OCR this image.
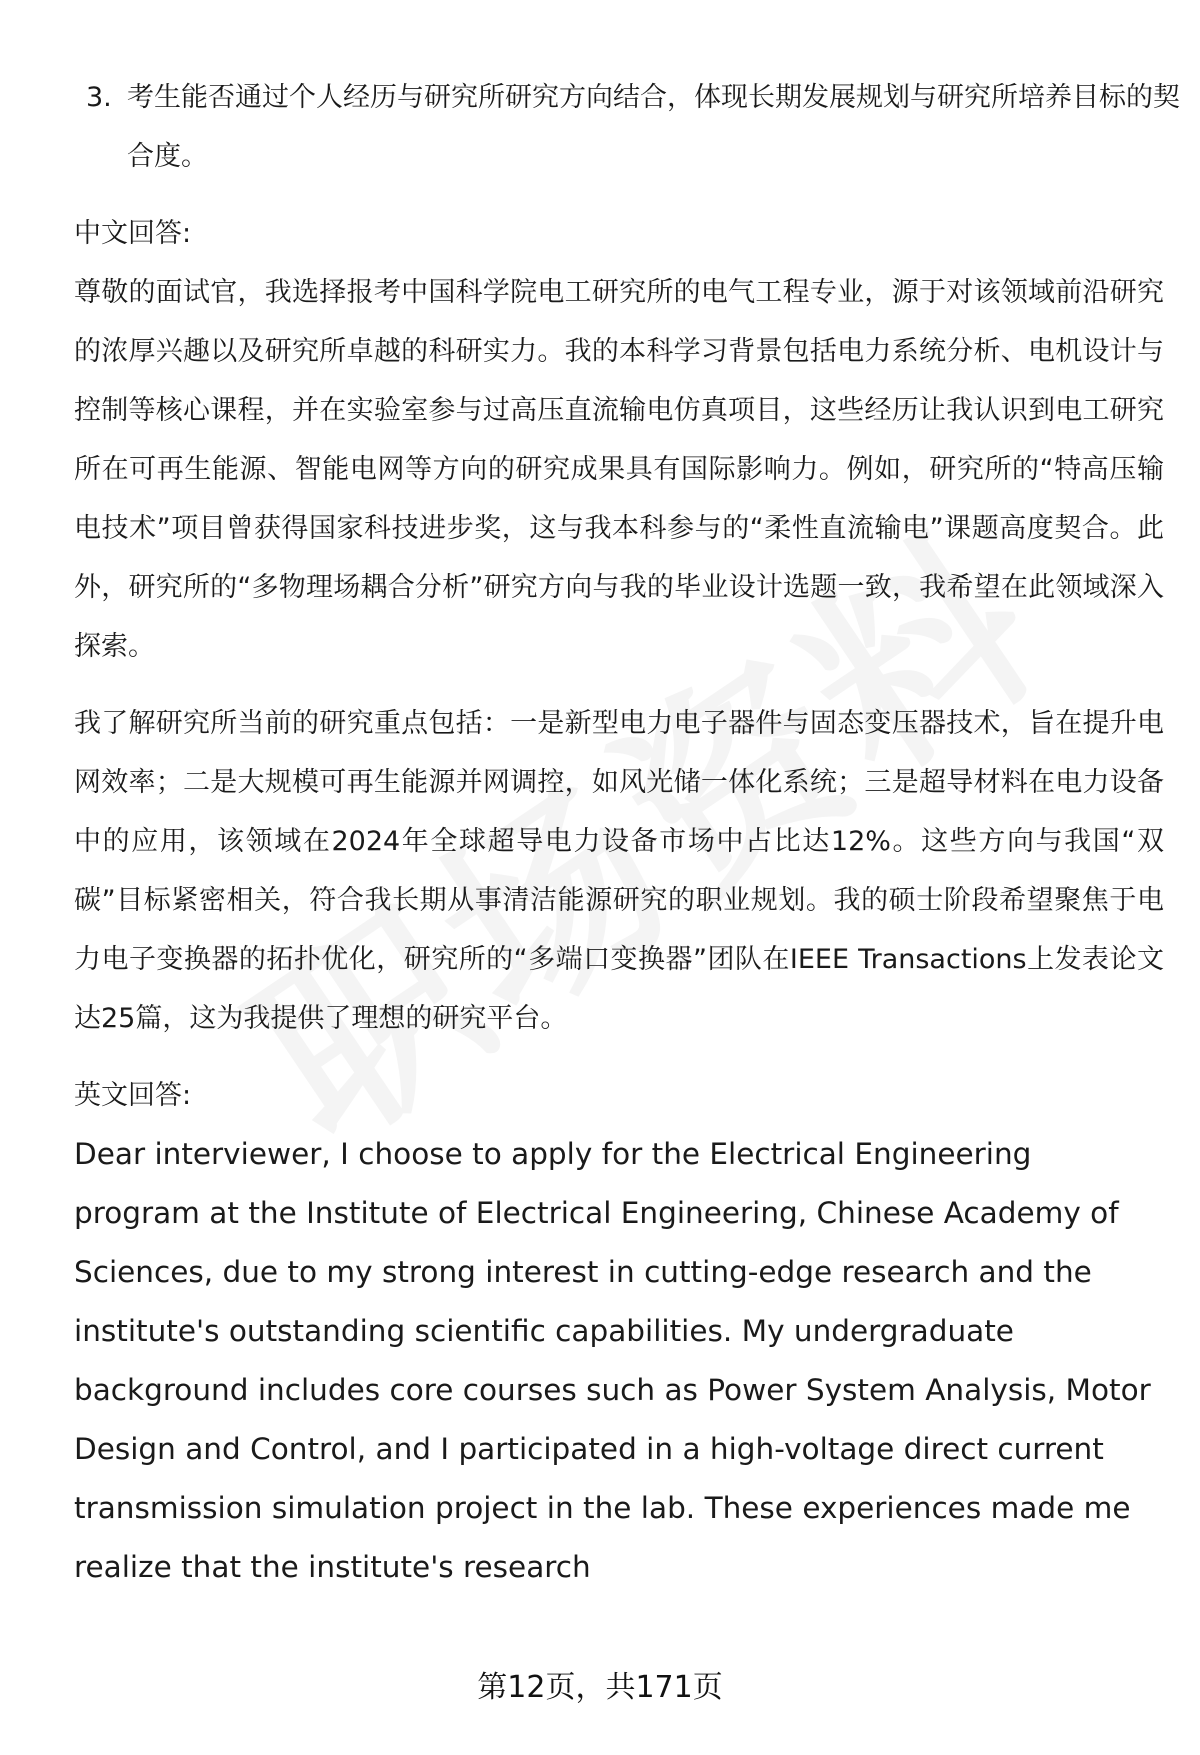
3. 考生能否通过个人经历与研究所研究方向结合，体现长期发展规划与研究所培养目标的契合度。
中文回答:

尊敬的面试官，我选择报考中国科学院电工研究所的电气工程专业，源于对该领域前沿研究的浓厚兴趣以及研究所卓越的科研实力。我的本科学习背景包括电力系统分析、电机设计与控制等核心课程，并在实验室参与过高压直流输电仿真项目，这些经历让我认识到电工研究所在可再生能源、智能电网等方向的研究成果具有国际影响力。例如，研究所的“特高压输电技术”项目曾获得国家科技进步奖，这与我本科参与的“柔性直流输电”课题高度契合。此外，研究所的“多物理场耦合分析”研究方向与我的毕业设计选题一致，我希望在此领域深入探索。

我了解研究所当前的研究重点包括：一是新型电力电子器件与固态变压器技术，旨在提升电网效率；二是大规模可再生能源并网调控，如风光储一体化系统；三是超导材料在电力设备中的应用，该领域在2024年全球超导电力设备市场中占比达12%。这些方向与我国“双碳”目标紧密相关，符合我长期从事清洁能源研究的职业规划。我的硕士阶段希望聚焦于电力电子变换器的拓扑优化，研究所的“多端口变换器”团队在IEEE Transactions上发表论文达25篇，这为我提供了理想的研究平台。

英文回答:

Dear interviewer, I choose to apply for the Electrical Engineering program at the Institute of Electrical Engineering, Chinese Academy of Sciences, due to my strong interest in cutting-edge research and the institute's outstanding scientific capabilities. My undergraduate background includes core courses such as Power System Analysis, Motor Design and Control, and I participated in a high-voltage direct current transmission simulation project in the lab. These experiences made me realize that the institute's research

第12页，共171页
